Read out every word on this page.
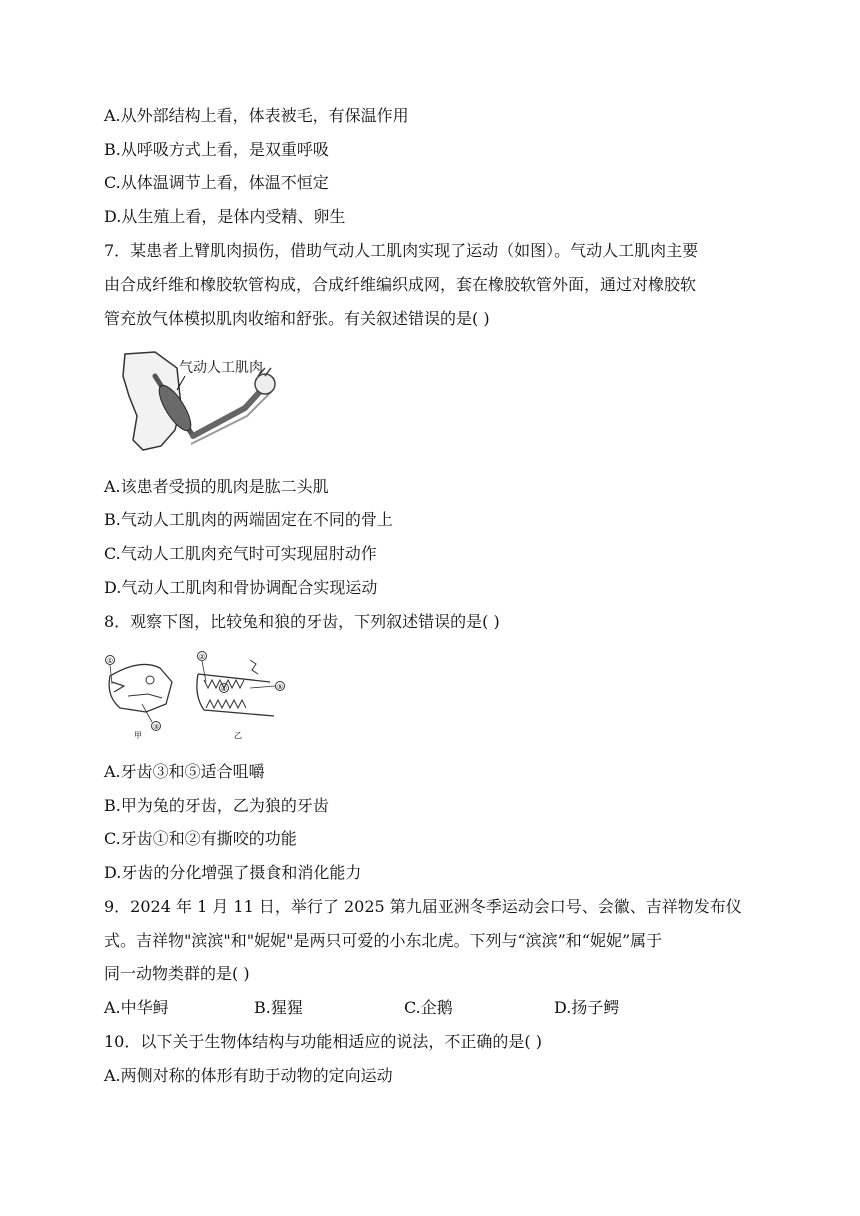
A.从外部结构上看，体表被毛，有保温作用
B.从呼吸方式上看，是双重呼吸
C.从体温调节上看，体温不恒定
D.从生殖上看，是体内受精、卵生
7．某患者上臂肌肉损伤，借助气动人工肌肉实现了运动（如图）。气动人工肌肉主要
由合成纤维和橡胶软管构成，合成纤维编织成网，套在橡胶软管外面，通过对橡胶软
管充放气体模拟肌肉收缩和舒张。有关叙述错误的是( )
气动人工肌肉
A.该患者受损的肌肉是肱二头肌
B.气动人工肌肉的两端固定在不同的骨上
C.气动人工肌肉充气时可实现屈肘动作
D.气动人工肌肉和骨协调配合实现运动
8．观察下图，比较兔和狼的牙齿，下列叙述错误的是( )
①
③
甲
②
④	⑤
乙
A.牙齿③和⑤适合咀嚼
B.甲为兔的牙齿，乙为狼的牙齿
C.牙齿①和②有撕咬的功能
D.牙齿的分化增强了摄食和消化能力
9．2024 年 1 月 11 日，举行了 2025 第九届亚洲冬季运动会口号、会徽、吉祥物发布仪
式。吉祥物"滨滨"和"妮妮"是两只可爱的小东北虎。下列与“滨滨”和“妮妮”属于
同一动物类群的是( )
A.中华鲟	B.猩猩	C.企鹅	D.扬子鳄
10．以下关于生物体结构与功能相适应的说法，不正确的是( )
A.两侧对称的体形有助于动物的定向运动
